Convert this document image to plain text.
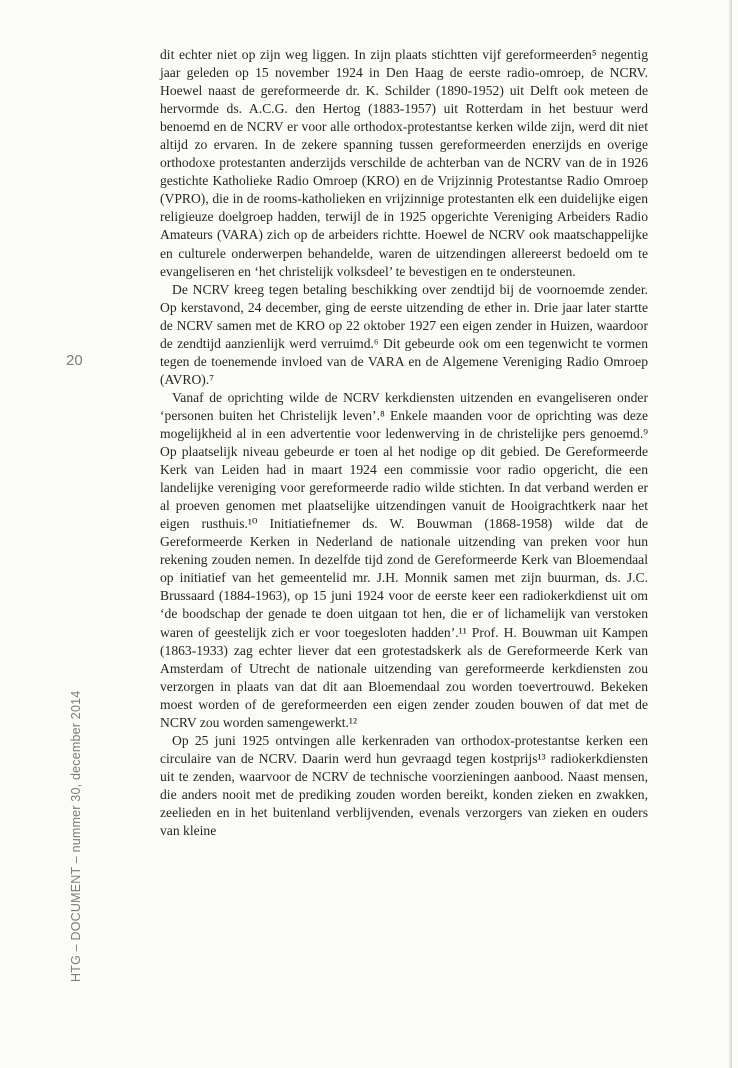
20
HTG – DOCUMENT – nummer 30, december 2014

dit echter niet op zijn weg liggen. In zijn plaats stichtten vijf gereformeerden⁵ negentig jaar geleden op 15 november 1924 in Den Haag de eerste radio-omroep, de NCRV. Hoewel naast de gereformeerde dr. K. Schilder (1890-1952) uit Delft ook meteen de hervormde ds. A.C.G. den Hertog (1883-1957) uit Rotterdam in het bestuur werd benoemd en de NCRV er voor alle orthodox-protestantse kerken wilde zijn, werd dit niet altijd zo ervaren. In de zekere spanning tussen gereformeerden enerzijds en overige orthodoxe protestanten anderzijds verschilde de achterban van de NCRV van de in 1926 gestichte Katholieke Radio Omroep (KRO) en de Vrijzinnig Protestantse Radio Omroep (VPRO), die in de rooms-katholieken en vrijzinnige protestanten elk een duidelijke eigen religieuze doelgroep hadden, terwijl de in 1925 opgerichte Vereniging Arbeiders Radio Amateurs (VARA) zich op de arbeiders richtte. Hoewel de NCRV ook maatschappelijke en culturele onderwerpen behandelde, waren de uitzendingen allereerst bedoeld om te evangeliseren en ‘het christelijk volksdeel’ te bevestigen en te ondersteunen.

De NCRV kreeg tegen betaling beschikking over zendtijd bij de voornoemde zender. Op kerstavond, 24 december, ging de eerste uitzending de ether in. Drie jaar later startte de NCRV samen met de KRO op 22 oktober 1927 een eigen zender in Huizen, waardoor de zendtijd aanzienlijk werd verruimd.⁶ Dit gebeurde ook om een tegenwicht te vormen tegen de toenemende invloed van de VARA en de Algemene Vereniging Radio Omroep (AVRO).⁷

Vanaf de oprichting wilde de NCRV kerkdiensten uitzenden en evangeliseren onder ‘personen buiten het Christelijk leven’.⁸ Enkele maanden voor de oprichting was deze mogelijkheid al in een advertentie voor ledenwerving in de christelijke pers genoemd.⁹ Op plaatselijk niveau gebeurde er toen al het nodige op dit gebied. De Gereformeerde Kerk van Leiden had in maart 1924 een commissie voor radio opgericht, die een landelijke vereniging voor gereformeerde radio wilde stichten. In dat verband werden er al proeven genomen met plaatselijke uitzendingen vanuit de Hooigrachtkerk naar het eigen rusthuis.¹⁰ Initiatiefnemer ds. W. Bouwman (1868-1958) wilde dat de Gereformeerde Kerken in Nederland de nationale uitzending van preken voor hun rekening zouden nemen. In dezelfde tijd zond de Gereformeerde Kerk van Bloemendaal op initiatief van het gemeentelid mr. J.H. Monnik samen met zijn buurman, ds. J.C. Brussaard (1884-1963), op 15 juni 1924 voor de eerste keer een radiokerkdienst uit om ‘de boodschap der genade te doen uitgaan tot hen, die er of lichamelijk van verstoken waren of geestelijk zich er voor toegesloten hadden’.¹¹ Prof. H. Bouwman uit Kampen (1863-1933) zag echter liever dat een grotestadskerk als de Gereformeerde Kerk van Amsterdam of Utrecht de nationale uitzending van gereformeerde kerkdiensten zou verzorgen in plaats van dat dit aan Bloemendaal zou worden toevertrouwd. Bekeken moest worden of de gereformeerden een eigen zender zouden bouwen of dat met de NCRV zou worden samengewerkt.¹²

Op 25 juni 1925 ontvingen alle kerkenraden van orthodox-protestantse kerken een circulaire van de NCRV. Daarin werd hun gevraagd tegen kostprijs¹³ radiokerkdiensten uit te zenden, waarvoor de NCRV de technische voorzieningen aanbood. Naast mensen, die anders nooit met de prediking zouden worden bereikt, konden zieken en zwakken, zeelieden en in het buitenland verblijvenden, evenals verzorgers van zieken en ouders van kleine
